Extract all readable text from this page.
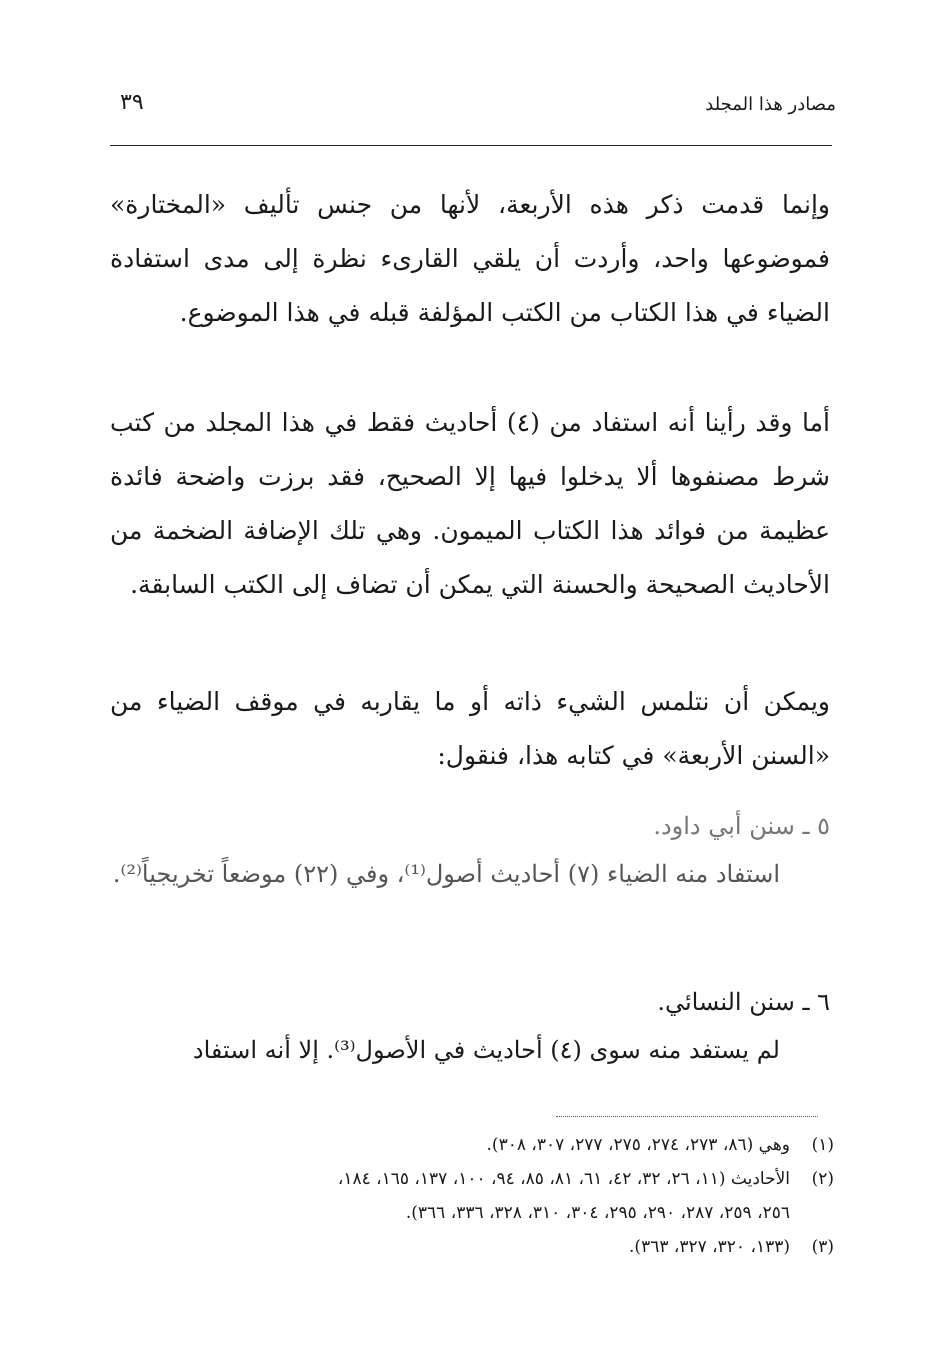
٣٩	مصادر هذا المجلد

وإنما قدمت ذكر هذه الأربعة، لأنها من جنس تأليف «المختارة» فموضوعها واحد، وأردت أن يلقي القارىء نظرة إلى مدى استفادة الضياء في هذا الكتاب من الكتب المؤلفة قبله في هذا الموضوع.

أما وقد رأينا أنه استفاد من (٤) أحاديث فقط في هذا المجلد من كتب شرط مصنفوها ألا يدخلوا فيها إلا الصحيح، فقد برزت واضحة فائدة عظيمة من فوائد هذا الكتاب الميمون. وهي تلك الإضافة الضخمة من الأحاديث الصحيحة والحسنة التي يمكن أن تضاف إلى الكتب السابقة.

ويمكن أن نتلمس الشيء ذاته أو ما يقاربه في موقف الضياء من «السنن الأربعة» في كتابه هذا، فنقول:

٥ ـ سنن أبي داود.
استفاد منه الضياء (٧) أحاديث أصول⁽¹⁾، وفي (٢٢) موضعاً تخريجياً⁽²⁾.
٦ ـ سنن النسائي.
لم يستفد منه سوى (٤) أحاديث في الأصول⁽³⁾. إلا أنه استفاد
(١)
وهي (٨٦، ٢٧٣، ٢٧٤، ٢٧٥، ٢٧٧، ٣٠٧، ٣٠٨).
(٢)
الأحاديث (١١، ٢٦، ٣٢، ٤٢، ٦١، ٨١، ٨٥، ٩٤، ١٠٠، ١٣٧، ١٦٥، ١٨٤،
٢٥٦، ٢٥٩، ٢٨٧، ٢٩٠، ٢٩٥، ٣٠٤، ٣١٠، ٣٢٨، ٣٣٦، ٣٦٦).
(٣)
(١٣٣، ٣٢٠، ٣٢٧، ٣٦٣).
